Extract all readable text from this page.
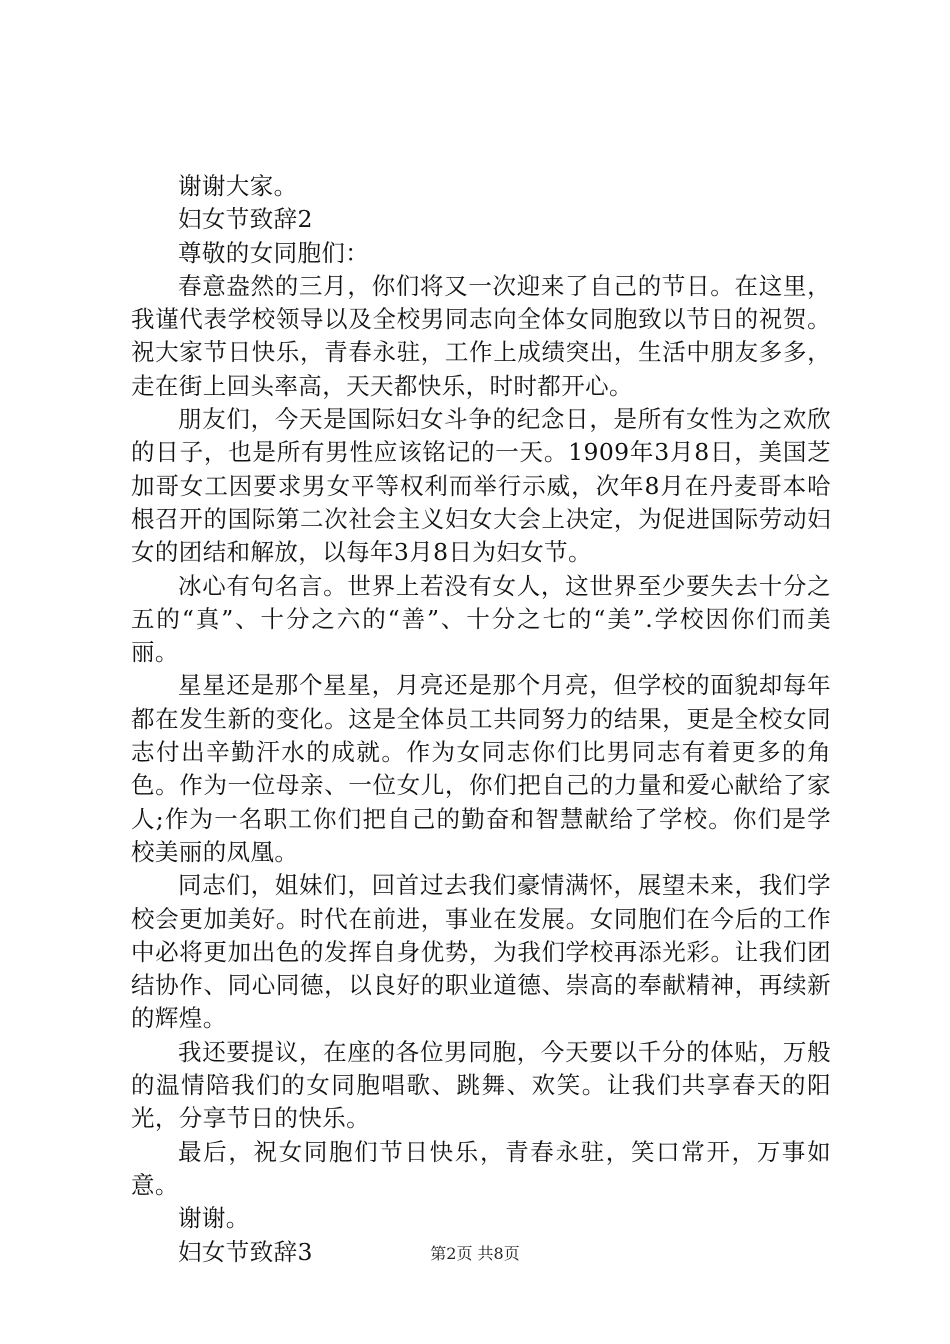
谢谢大家。

妇女节致辞2

尊敬的女同胞们：

春意盎然的三月，你们将又一次迎来了自己的节日。在这里，我谨代表学校领导以及全校男同志向全体女同胞致以节日的祝贺。祝大家节日快乐，青春永驻，工作上成绩突出，生活中朋友多多，走在街上回头率高，天天都快乐，时时都开心。

朋友们，今天是国际妇女斗争的纪念日，是所有女性为之欢欣的日子，也是所有男性应该铭记的一天。1909年3月8日，美国芝加哥女工因要求男女平等权利而举行示威，次年8月在丹麦哥本哈根召开的国际第二次社会主义妇女大会上决定，为促进国际劳动妇女的团结和解放，以每年3月8日为妇女节。

冰心有句名言。世界上若没有女人，这世界至少要失去十分之五的“真”、十分之六的“善”、十分之七的“美”.学校因你们而美丽。

星星还是那个星星，月亮还是那个月亮，但学校的面貌却每年都在发生新的变化。这是全体员工共同努力的结果，更是全校女同志付出辛勤汗水的成就。作为女同志你们比男同志有着更多的角色。作为一位母亲、一位女儿，你们把自己的力量和爱心献给了家人;作为一名职工你们把自己的勤奋和智慧献给了学校。你们是学校美丽的凤凰。

同志们，姐妹们，回首过去我们豪情满怀，展望未来，我们学校会更加美好。时代在前进，事业在发展。女同胞们在今后的工作中必将更加出色的发挥自身优势，为我们学校再添光彩。让我们团结协作、同心同德，以良好的职业道德、崇高的奉献精神，再续新的辉煌。

我还要提议，在座的各位男同胞，今天要以千分的体贴，万般的温情陪我们的女同胞唱歌、跳舞、欢笑。让我们共享春天的阳光，分享节日的快乐。

最后，祝女同胞们节日快乐，青春永驻，笑口常开，万事如意。

谢谢。

妇女节致辞3	第2页 共8页
